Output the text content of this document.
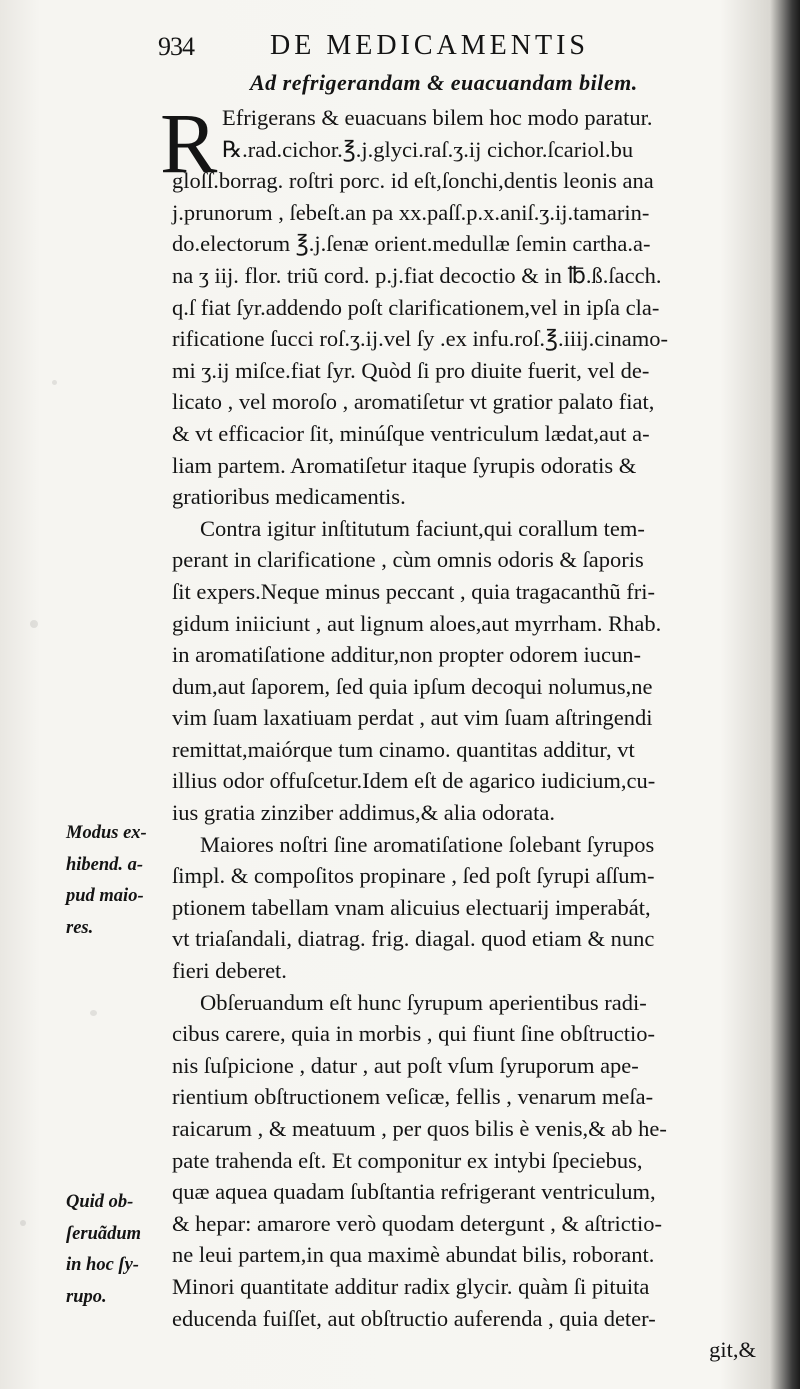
934	DE MEDICAMENTIS
Ad refrigerandam & euacuandam bilem.
R Efrigerans & euacuans bilem hoc modo paratur.
℞.rad.cichor.℥.j.glyci.raſ.ʒ.ij cichor.ſcariol.bu
gloſſ.borrag. roſtri porc. id eſt,ſonchi,dentis leonis ana
j.prunorum , ſebeſt.an pa xx.paſſ.p.x.aniſ.ʒ.ij.tamarin-
do.electorum ℥.j.ſenæ orient.medullæ ſemin cartha.a-
na ʒ iij. flor. triũ cord. p.j.fiat decoctio & in ℔.ß.ſacch.
q.ſ fiat ſyr.addendo poſt clarificationem,vel in ipſa cla-
rificatione ſucci roſ.ʒ.ij.vel ſy .ex infu.roſ.℥.iiij.cinamo-
mi ʒ.ij miſce.fiat ſyr. Quòd ſi pro diuite fuerit, vel de-
licato , vel moroſo , aromatiſetur vt gratior palato fiat,
& vt efficacior ſit, minúſque ventriculum lædat,aut a-
liam partem. Aromatiſetur itaque ſyrupis odoratis &
gratioribus medicamentis.
Contra igitur inſtitutum faciunt,qui corallum tem-
perant in clarificatione , cùm omnis odoris & ſaporis
ſit expers.Neque minus peccant , quia tragacanthũ fri-
gidum iniiciunt , aut lignum aloes,aut myrrham. Rhab.
in aromatiſatione additur,non propter odorem iucun-
dum,aut ſaporem, ſed quia ipſum decoqui nolumus,ne
vim ſuam laxatiuam perdat , aut vim ſuam aſtringendi
remittat,maiórque tum cinamo. quantitas additur, vt
illius odor offuſcetur.Idem eſt de agarico iudicium,cu-
ius gratia zinziber addimus,& alia odorata.
Maiores noſtri ſine aromatiſatione ſolebant ſyrupos
ſimpl. & compoſitos propinare , ſed poſt ſyrupi aſſum-
ptionem tabellam vnam alicuius electuarij imperabát,
vt triaſandali, diatrag. frig. diagal. quod etiam & nunc
fieri deberet.
Obſeruandum eſt hunc ſyrupum aperientibus radi-
cibus carere, quia in morbis , qui fiunt ſine obſtructio-
nis ſuſpicione , datur , aut poſt vſum ſyruporum ape-
rientium obſtructionem veſicæ, fellis , venarum meſa-
raicarum , & meatuum , per quos bilis è venis,& ab he-
pate trahenda eſt. Et componitur ex intybi ſpeciebus,
quæ aquea quadam ſubſtantia refrigerant ventriculum,
& hepar: amarore verò quodam detergunt , & aſtrictio-
ne leui partem,in qua maximè abundat bilis, roborant.
Minori quantitate additur radix glycir. quàm ſi pituita
educenda fuiſſet, aut obſtructio auferenda , quia deter-
git,&
Modus ex-
hibend. a-
pud maio-
res.
Quid ob-
ſeruãdum
in hoc ſy-
rupo.
